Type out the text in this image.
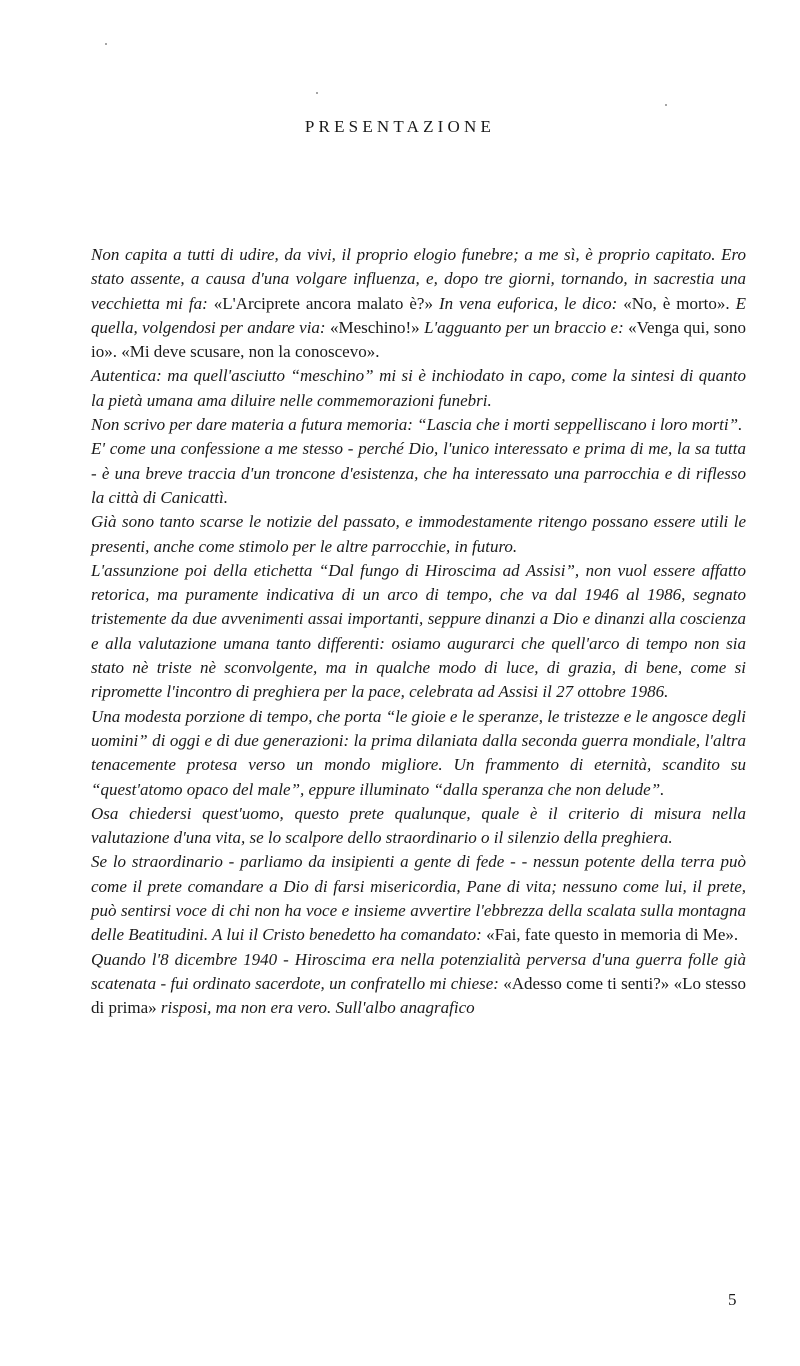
PRESENTAZIONE

Non capita a tutti di udire, da vivi, il proprio elogio funebre; a me sì, è proprio capitato. Ero stato assente, a causa d'una volgare influenza, e, dopo tre giorni, tornando, in sacrestia una vecchietta mi fa: «L'Arciprete ancora malato è?» In vena euforica, le dico: «No, è morto». E quella, volgendosi per andare via: «Meschino!» L'agguanto per un braccio e: «Venga qui, sono io». «Mi deve scusare, non la conoscevo».

Autentica: ma quell'asciutto “meschino” mi si è inchiodato in capo, come la sintesi di quanto la pietà umana ama diluire nelle commemorazioni funebri.

Non scrivo per dare materia a futura memoria: “Lascia che i morti seppelliscano i loro morti”.

E' come una confessione a me stesso - perché Dio, l'unico interessato e prima di me, la sa tutta - è una breve traccia d'un troncone d'esistenza, che ha interessato una parrocchia e di riflesso la città di Canicattì.

Già sono tanto scarse le notizie del passato, e immodestamente ritengo possano essere utili le presenti, anche come stimolo per le altre parrocchie, in futuro.

L'assunzione poi della etichetta “Dal fungo di Hiroscima ad Assisi”, non vuol essere affatto retorica, ma puramente indicativa di un arco di tempo, che va dal 1946 al 1986, segnato tristemente da due avvenimenti assai importanti, seppure dinanzi a Dio e dinanzi alla coscienza e alla valutazione umana tanto differenti: osiamo augurarci che quell'arco di tempo non sia stato nè triste nè sconvolgente, ma in qualche modo di luce, di grazia, di bene, come si ripromette l'incontro di preghiera per la pace, celebrata ad Assisi il 27 ottobre 1986.

Una modesta porzione di tempo, che porta “le gioie e le speranze, le tristezze e le angosce degli uomini” di oggi e di due generazioni: la prima dilaniata dalla seconda guerra mondiale, l'altra tenacemente protesa verso un mondo migliore. Un frammento di eternità, scandito su “quest'atomo opaco del male”, eppure illuminato “dalla speranza che non delude”.

Osa chiedersi quest'uomo, questo prete qualunque, quale è il criterio di misura nella valutazione d'una vita, se lo scalpore dello straordinario o il silenzio della preghiera.

Se lo straordinario - parliamo da insipienti a gente di fede - - nessun potente della terra può come il prete comandare a Dio di farsi misericordia, Pane di vita; nessuno come lui, il prete, può sentirsi voce di chi non ha voce e insieme avvertire l'ebbrezza della scalata sulla montagna delle Beatitudini. A lui il Cristo benedetto ha comandato: «Fai, fate questo in memoria di Me».

Quando l'8 dicembre 1940 - Hiroscima era nella potenzialità perversa d'una guerra folle già scatenata - fui ordinato sacerdote, un confratello mi chiese: «Adesso come ti senti?» «Lo stesso di prima» risposi, ma non era vero. Sull'albo anagrafico

5
